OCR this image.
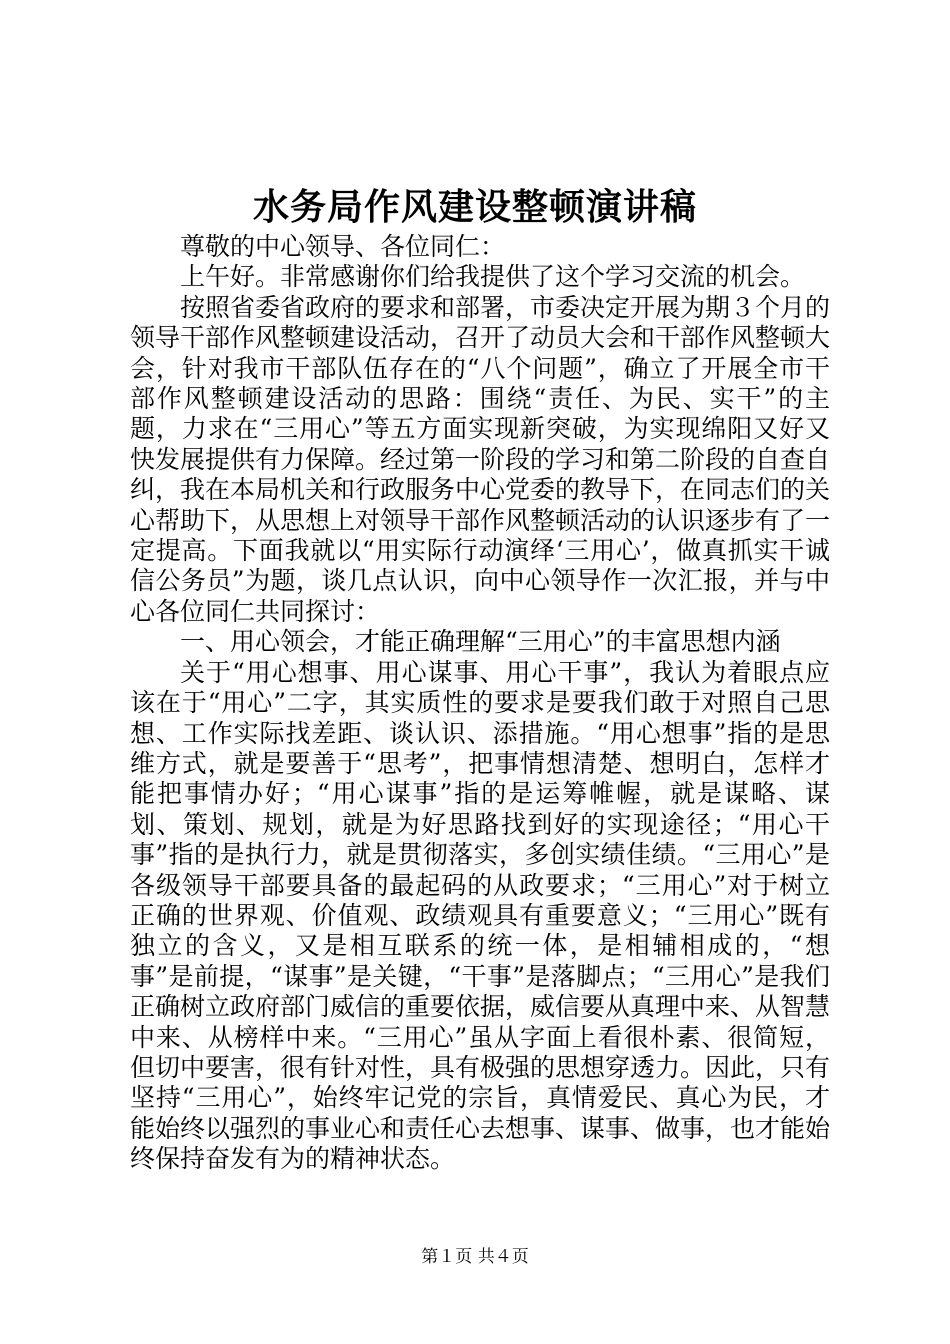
水务局作风建设整顿演讲稿

尊敬的中心领导、各位同仁：

上午好。非常感谢你们给我提供了这个学习交流的机会。

按照省委省政府的要求和部署，市委决定开展为期３个月的领导干部作风整顿建设活动，召开了动员大会和干部作风整顿大会，针对我市干部队伍存在的“八个问题”，确立了开展全市干部作风整顿建设活动的思路：围绕“责任、为民、实干”的主题，力求在“三用心”等五方面实现新突破，为实现绵阳又好又快发展提供有力保障。经过第一阶段的学习和第二阶段的自查自纠，我在本局机关和行政服务中心党委的教导下，在同志们的关心帮助下，从思想上对领导干部作风整顿活动的认识逐步有了一定提高。下面我就以“用实际行动演绎‘三用心’，做真抓实干诚信公务员”为题，谈几点认识，向中心领导作一次汇报，并与中心各位同仁共同探讨：

一、用心领会，才能正确理解“三用心”的丰富思想内涵

关于“用心想事、用心谋事、用心干事”，我认为着眼点应该在于“用心”二字，其实质性的要求是要我们敢于对照自己思想、工作实际找差距、谈认识、添措施。“用心想事”指的是思维方式，就是要善于“思考”，把事情想清楚、想明白，怎样才能把事情办好；“用心谋事”指的是运筹帷幄，就是谋略、谋划、策划、规划，就是为好思路找到好的实现途径；“用心干事”指的是执行力，就是贯彻落实，多创实绩佳绩。“三用心”是各级领导干部要具备的最起码的从政要求；“三用心”对于树立正确的世界观、价值观、政绩观具有重要意义；“三用心”既有独立的含义，又是相互联系的统一体，是相辅相成的，“想事”是前提，“谋事”是关键，“干事”是落脚点；“三用心”是我们正确树立政府部门威信的重要依据，威信要从真理中来、从智慧中来、从榜样中来。“三用心”虽从字面上看很朴素、很简短，但切中要害，很有针对性，具有极强的思想穿透力。因此，只有坚持“三用心”，始终牢记党的宗旨，真情爱民、真心为民，才能始终以强烈的事业心和责任心去想事、谋事、做事，也才能始终保持奋发有为的精神状态。

第１页 共４页
